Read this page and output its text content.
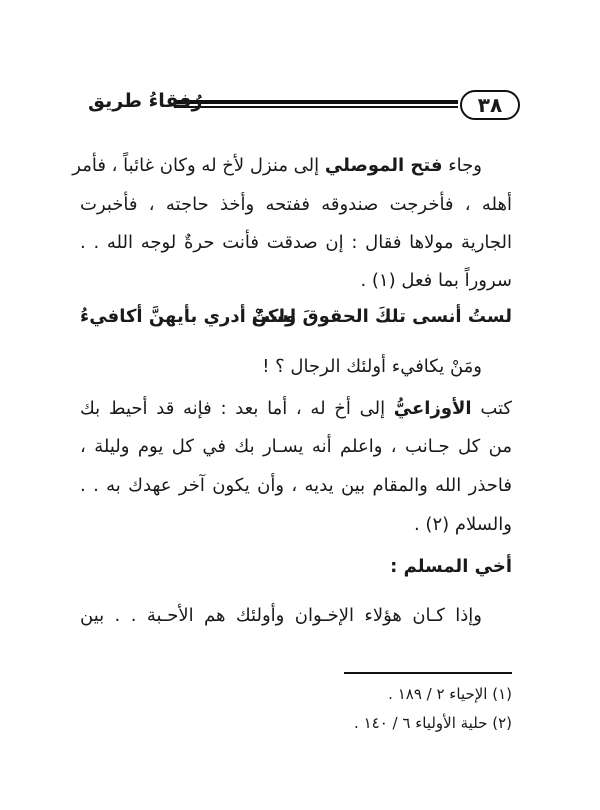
٣٨
رُفقاءُ طريق
وجاء فتح الموصلي إلى منزل لأخ له وكان غائباً ، فأمر
أهله ، فأخرجت صندوقه ففتحه وأخذ حاجته ، فأخبرت
الجارية مولاها فقال : إن صدقت فأنت حرةٌ لوجه الله . .
سروراً بما فعل (١) .
لستُ أنسى تلكَ الحقوقَ ولكنْ
لستُ أدري بأيهنَّ أكافيءُ
ومَنْ يكافيء أولئك الرجال ؟ !
كتب الأوزاعيُّ إلى أخ له ، أما بعد : فإنه قد أحيط بك
من كل جـانب ، واعلم أنه يسـار بك في كل يوم وليلة ،
فاحذر الله والمقام بين يديه ، وأن يكون آخر عهدك به . .
والسلام (٢) .
أخي المسلم :
وإذا كـان هؤلاء الإخـوان وأولئك هم الأحـبة . . بين
(١) الإحياء ٢ / ١٨٩ .
(٢) حلية الأولياء ٦ / ١٤٠ .
